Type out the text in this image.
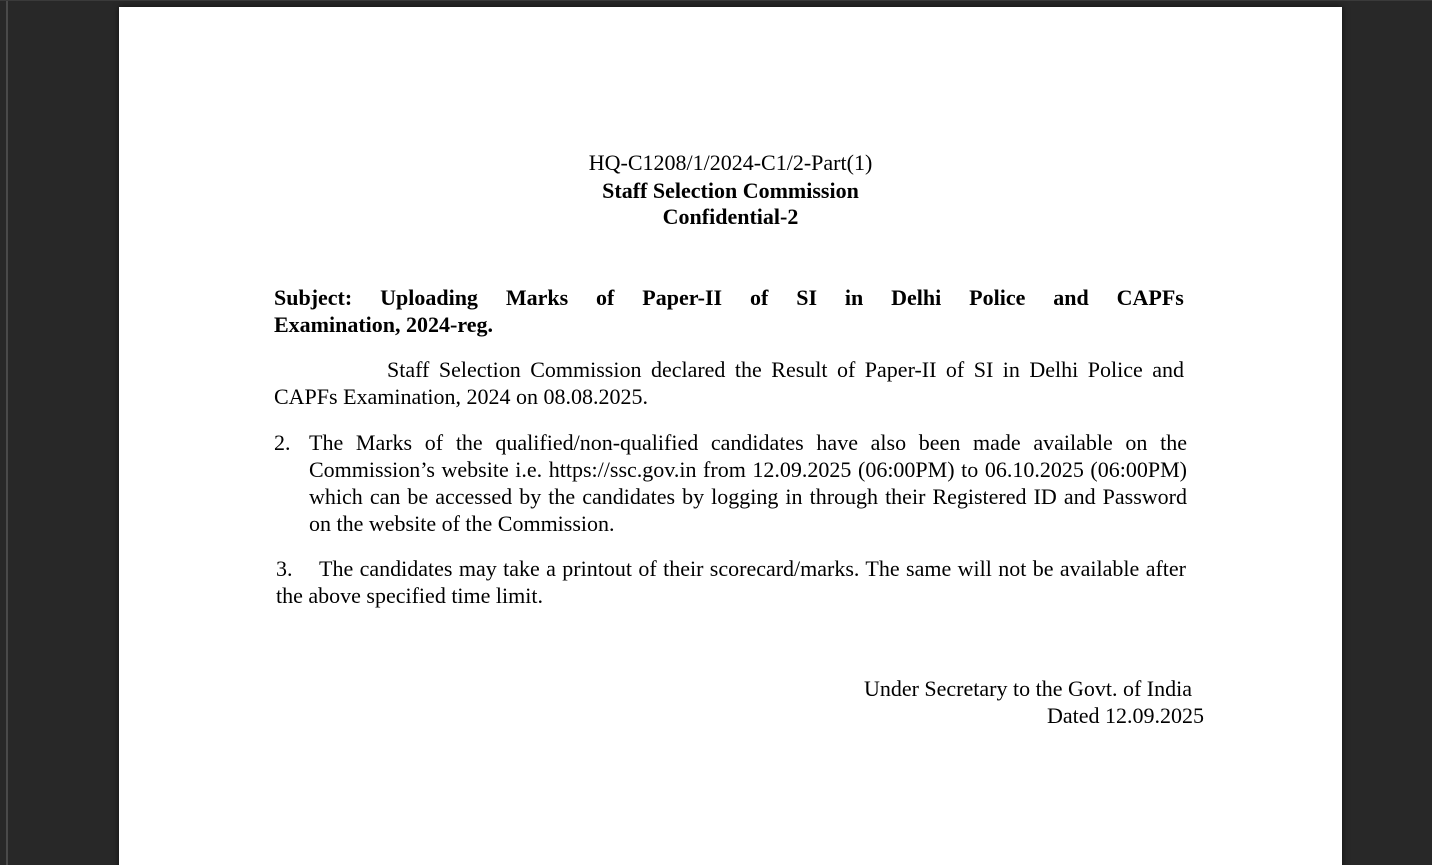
HQ-C1208/1/2024-C1/2-Part(1)
Staff Selection Commission
Confidential-2
Subject: Uploading Marks of Paper-II of SI in Delhi Police and CAPFs
Examination, 2024-reg.
Staff Selection Commission declared the Result of Paper-II of SI in Delhi Police and CAPFs Examination, 2024 on 08.08.2025.
2. The Marks of the qualified/non-qualified candidates have also been made available on the Commission’s website i.e. https://ssc.gov.in from 12.09.2025 (06:00PM) to 06.10.2025 (06:00PM) which can be accessed by the candidates by logging in through their Registered ID and Password on the website of the Commission.
3. The candidates may take a printout of their scorecard/marks. The same will not be available after the above specified time limit.
Under Secretary to the Govt. of India
Dated 12.09.2025
